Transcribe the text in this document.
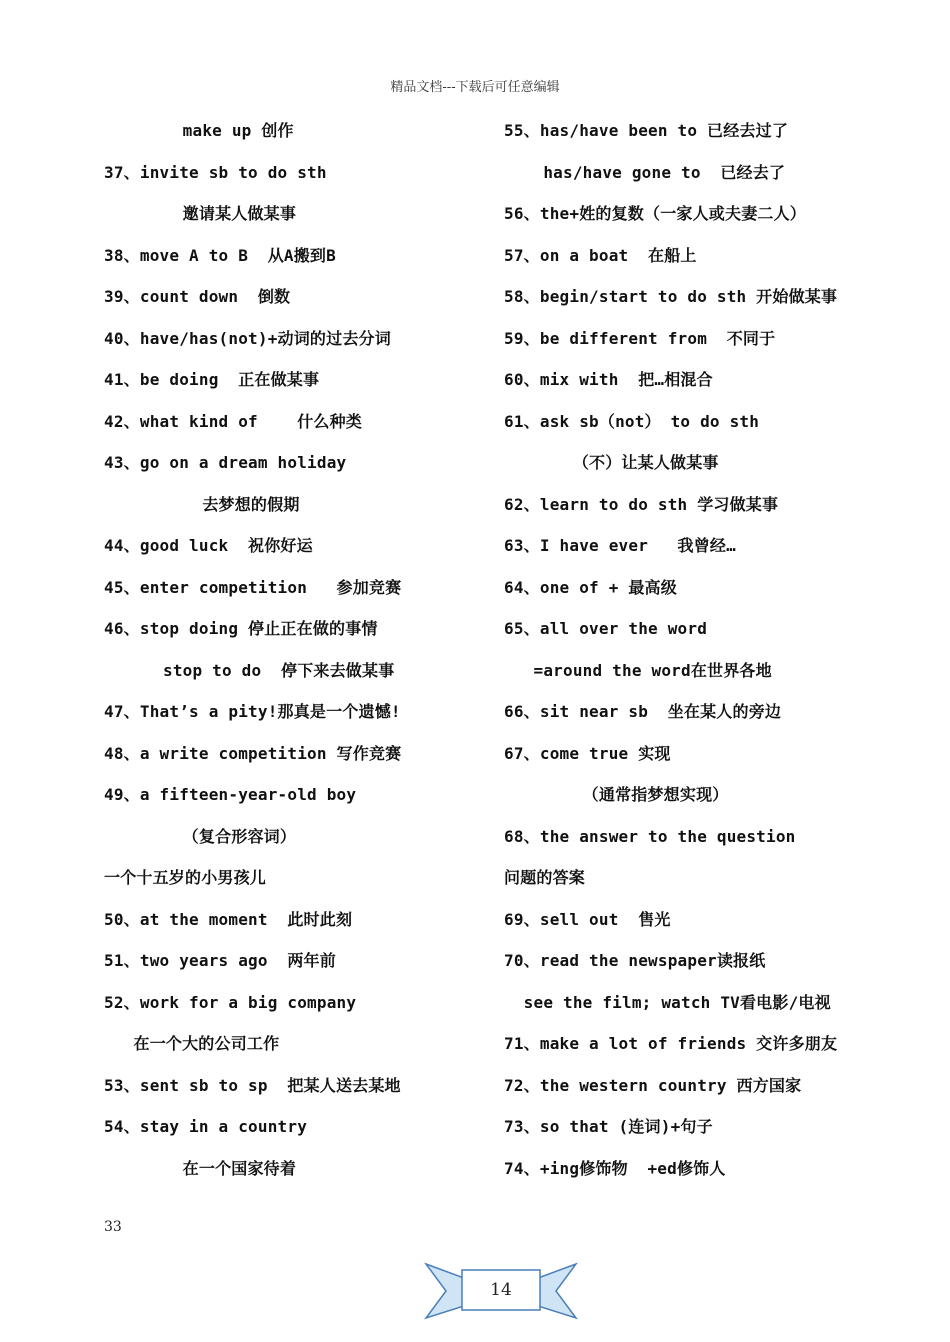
精品文档---下载后可任意编辑
make up 创作
37、invite sb to do sth
邀请某人做某事
38、move A to B  从A搬到B
39、count down  倒数
40、have/has(not)+动词的过去分词
41、be doing  正在做某事
42、what kind of    什么种类
43、go on a dream holiday
去梦想的假期
44、good luck  祝你好运
45、enter competition   参加竞赛
46、stop doing 停止正在做的事情
stop to do  停下来去做某事
47、That’s a pity!那真是一个遗憾!
48、a write competition 写作竞赛
49、a fifteen-year-old boy
（复合形容词）
一个十五岁的小男孩儿
50、at the moment  此时此刻
51、two years ago  两年前
52、work for a big company
在一个大的公司工作
53、sent sb to sp  把某人送去某地
54、stay in a country
在一个国家待着
55、has/have been to 已经去过了
has/have gone to  已经去了
56、the+姓的复数（一家人或夫妻二人）
57、on a boat  在船上
58、begin/start to do sth 开始做某事
59、be different from  不同于
60、mix with  把…相混合
61、ask sb（not） to do sth
（不）让某人做某事
62、learn to do sth 学习做某事
63、I have ever   我曾经…
64、one of + 最高级
65、all over the word
=around the word在世界各地
66、sit near sb  坐在某人的旁边
67、come true 实现
（通常指梦想实现）
68、the answer to the question
问题的答案
69、sell out  售光
70、read the newspaper读报纸
see the film; watch TV看电影/电视
71、make a lot of friends 交许多朋友
72、the western country 西方国家
73、so that (连词)+句子
74、+ing修饰物  +ed修饰人
33
14
